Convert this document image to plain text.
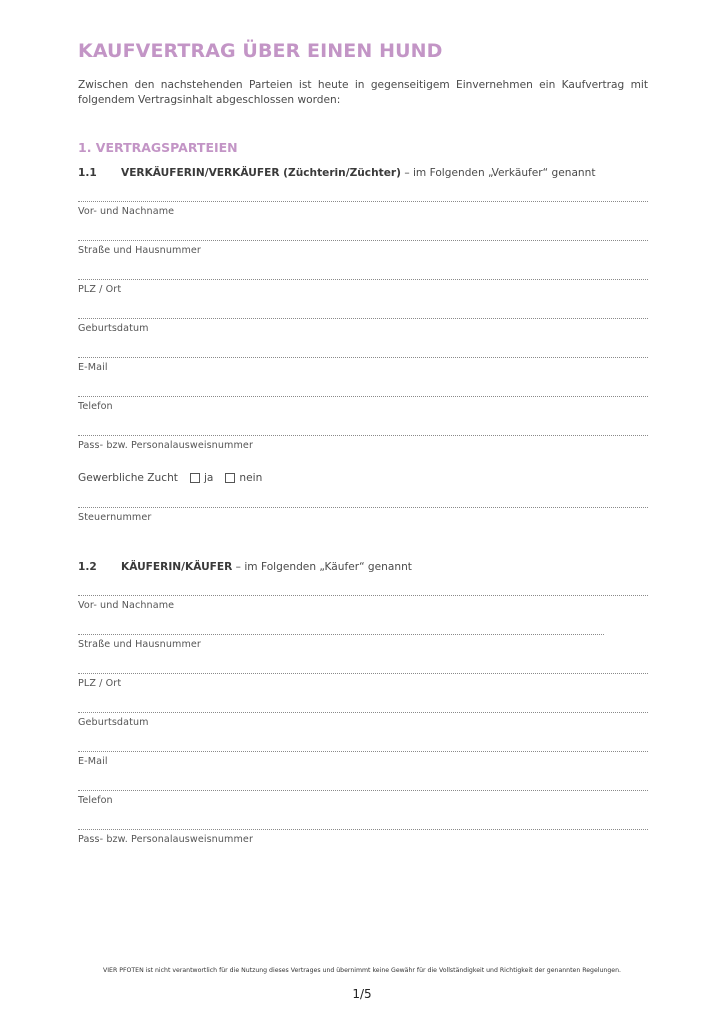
KAUFVERTRAG ÜBER EINEN HUND
Zwischen den nachstehenden Parteien ist heute in gegenseitigem Einvernehmen ein Kaufvertrag mit folgendem Vertragsinhalt abgeschlossen worden:
1. VERTRAGSPARTEIEN
1.1 VERKÄUFERIN/VERKÄUFER (Züchterin/Züchter) – im Folgenden „Verkäufer“ genannt
Vor- und Nachname
Straße und Hausnummer
PLZ / Ort
Geburtsdatum
E-Mail
Telefon
Pass- bzw. Personalausweisnummer
Gewerbliche Zucht ja nein
Steuernummer
1.2 KÄUFERIN/KÄUFER – im Folgenden „Käufer“ genannt
Vor- und Nachname
Straße und Hausnummer
PLZ / Ort
Geburtsdatum
E-Mail
Telefon
Pass- bzw. Personalausweisnummer
VIER PFOTEN ist nicht verantwortlich für die Nutzung dieses Vertrages und übernimmt keine Gewähr für die Vollständigkeit und Richtigkeit der genannten Regelungen.
1/5
